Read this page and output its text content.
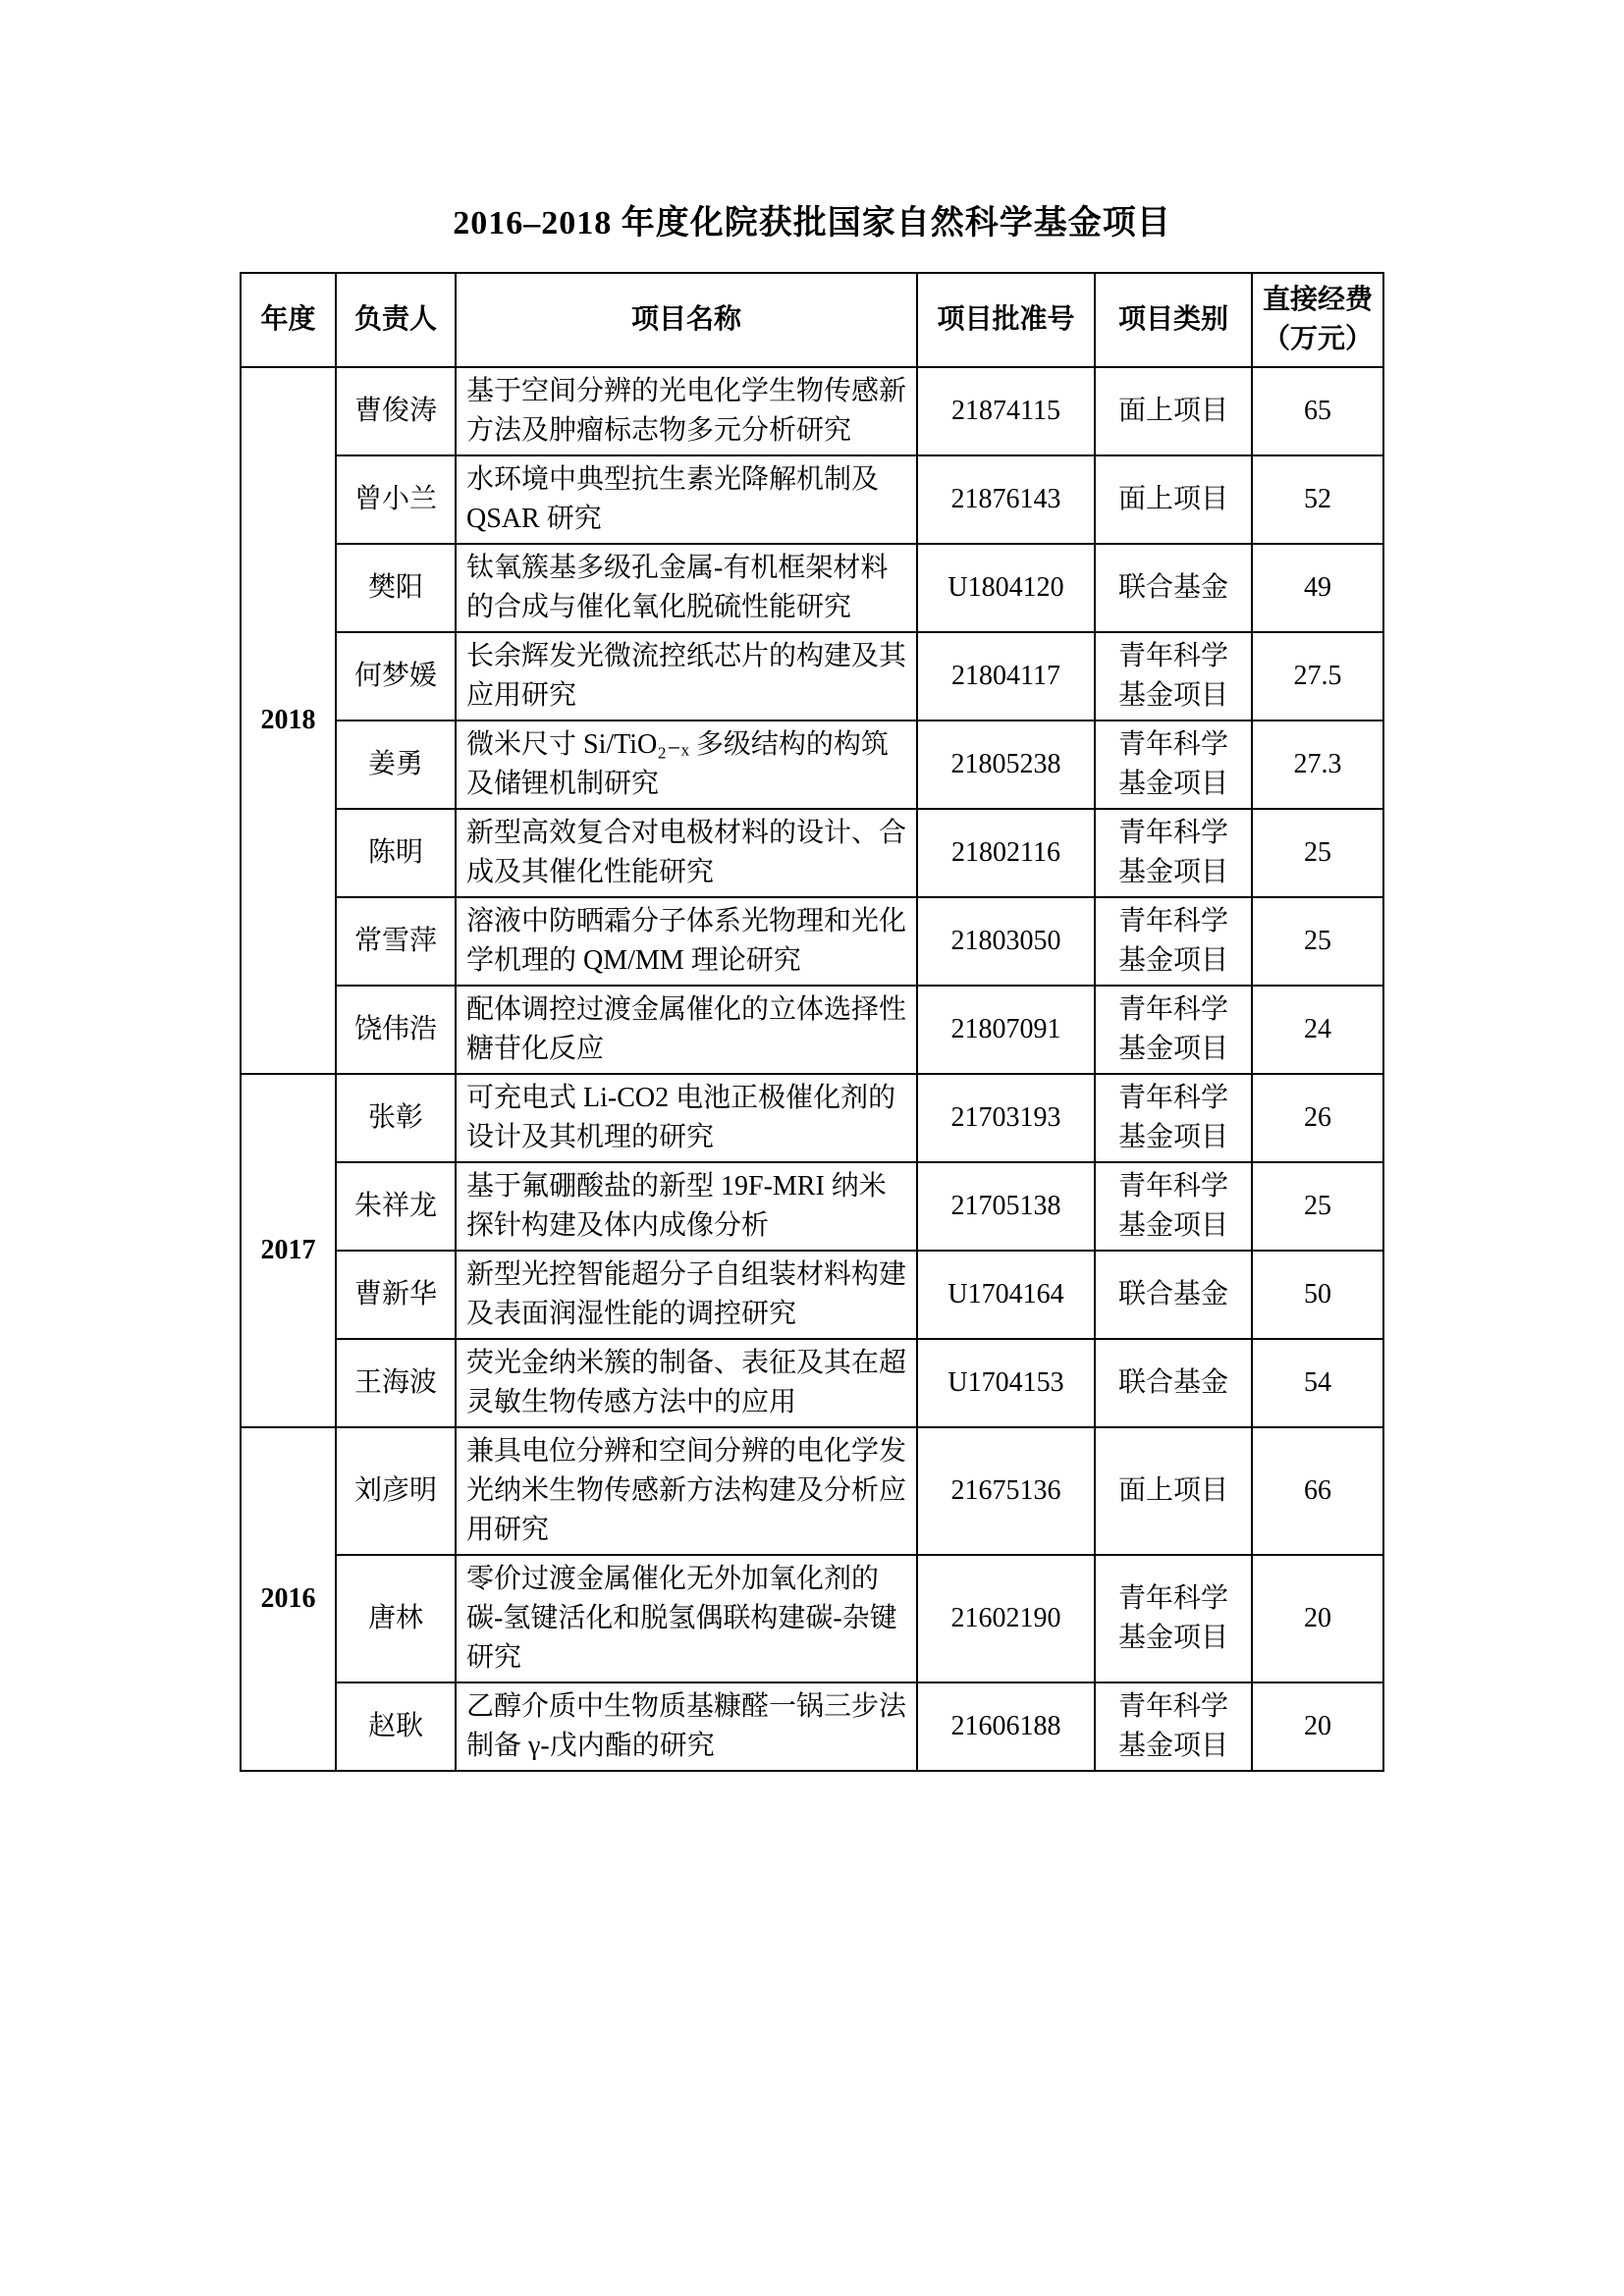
2016–2018 年度化院获批国家自然科学基金项目
年度	负责人	项目名称	项目批准号	项目类别	直接经费
（万元）

2018	曹俊涛	基于空间分辨的光电化学生物传感新方法及肿瘤标志物多元分析研究	21874115	面上项目	65
	曾小兰	水环境中典型抗生素光降解机制及QSAR 研究	21876143	面上项目	52
	樊阳	钛氧簇基多级孔金属-有机框架材料的合成与催化氧化脱硫性能研究	U1804120	联合基金	49
	何梦媛	长余辉发光微流控纸芯片的构建及其应用研究	21804117	青年科学基金项目	27.5
	姜勇	微米尺寸 Si/TiO₂₋ₓ 多级结构的构筑及储锂机制研究	21805238	青年科学基金项目	27.3
	陈明	新型高效复合对电极材料的设计、合成及其催化性能研究	21802116	青年科学基金项目	25
	常雪萍	溶液中防晒霜分子体系光物理和光化学机理的 QM/MM 理论研究	21803050	青年科学基金项目	25
	饶伟浩	配体调控过渡金属催化的立体选择性糖苷化反应	21807091	青年科学基金项目	24
2017	张彰	可充电式 Li-CO2 电池正极催化剂的设计及其机理的研究	21703193	青年科学基金项目	26
	朱祥龙	基于氟硼酸盐的新型 19F-MRI 纳米探针构建及体内成像分析	21705138	青年科学基金项目	25
	曹新华	新型光控智能超分子自组装材料构建及表面润湿性能的调控研究	U1704164	联合基金	50
	王海波	荧光金纳米簇的制备、表征及其在超灵敏生物传感方法中的应用	U1704153	联合基金	54
2016	刘彦明	兼具电位分辨和空间分辨的电化学发光纳米生物传感新方法构建及分析应用研究	21675136	面上项目	66
	唐林	零价过渡金属催化无外加氧化剂的碳-氢键活化和脱氢偶联构建碳-杂键研究	21602190	青年科学基金项目	20
	赵耿	乙醇介质中生物质基糠醛一锅三步法制备 γ-戊内酯的研究	21606188	青年科学基金项目	20
